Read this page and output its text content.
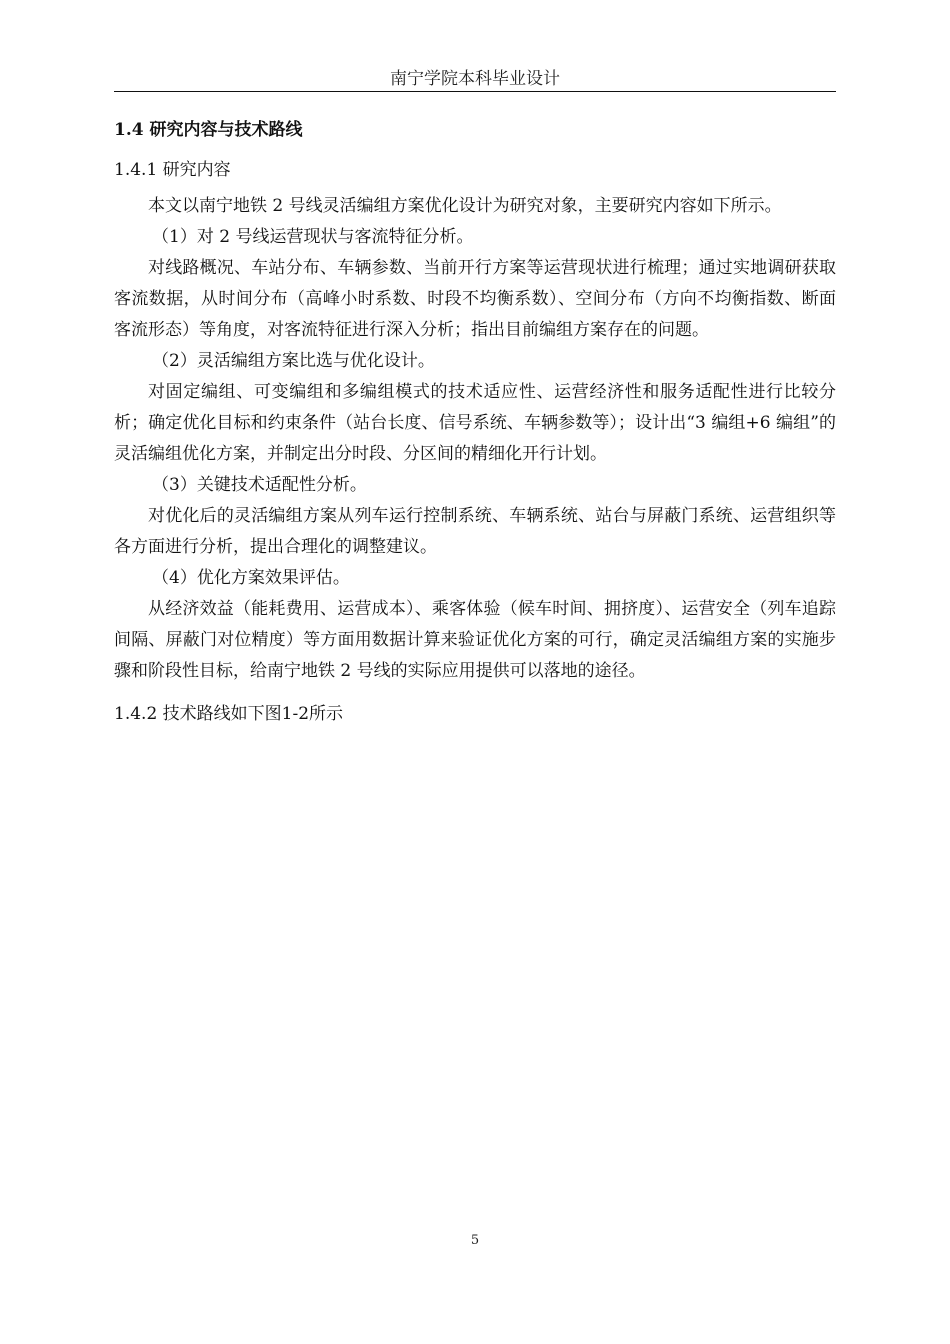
南宁学院本科毕业设计
1.4 研究内容与技术路线
1.4.1 研究内容

本文以南宁地铁 2 号线灵活编组方案优化设计为研究对象，主要研究内容如下所示。

（1）对 2 号线运营现状与客流特征分析。

对线路概况、车站分布、车辆参数、当前开行方案等运营现状进行梳理；通过实地调研获取客流数据，从时间分布（高峰小时系数、时段不均衡系数）、空间分布（方向不均衡指数、断面客流形态）等角度，对客流特征进行深入分析；指出目前编组方案存在的问题。

（2）灵活编组方案比选与优化设计。

对固定编组、可变编组和多编组模式的技术适应性、运营经济性和服务适配性进行比较分析；确定优化目标和约束条件（站台长度、信号系统、车辆参数等）；设计出“3 编组+6 编组”的灵活编组优化方案，并制定出分时段、分区间的精细化开行计划。

（3）关键技术适配性分析。

对优化后的灵活编组方案从列车运行控制系统、车辆系统、站台与屏蔽门系统、运营组织等各方面进行分析，提出合理化的调整建议。

（4）优化方案效果评估。

从经济效益（能耗费用、运营成本）、乘客体验（候车时间、拥挤度）、运营安全（列车追踪间隔、屏蔽门对位精度）等方面用数据计算来验证优化方案的可行，确定灵活编组方案的实施步骤和阶段性目标，给南宁地铁 2 号线的实际应用提供可以落地的途径。

1.4.2 技术路线如下图1-2所示
5
